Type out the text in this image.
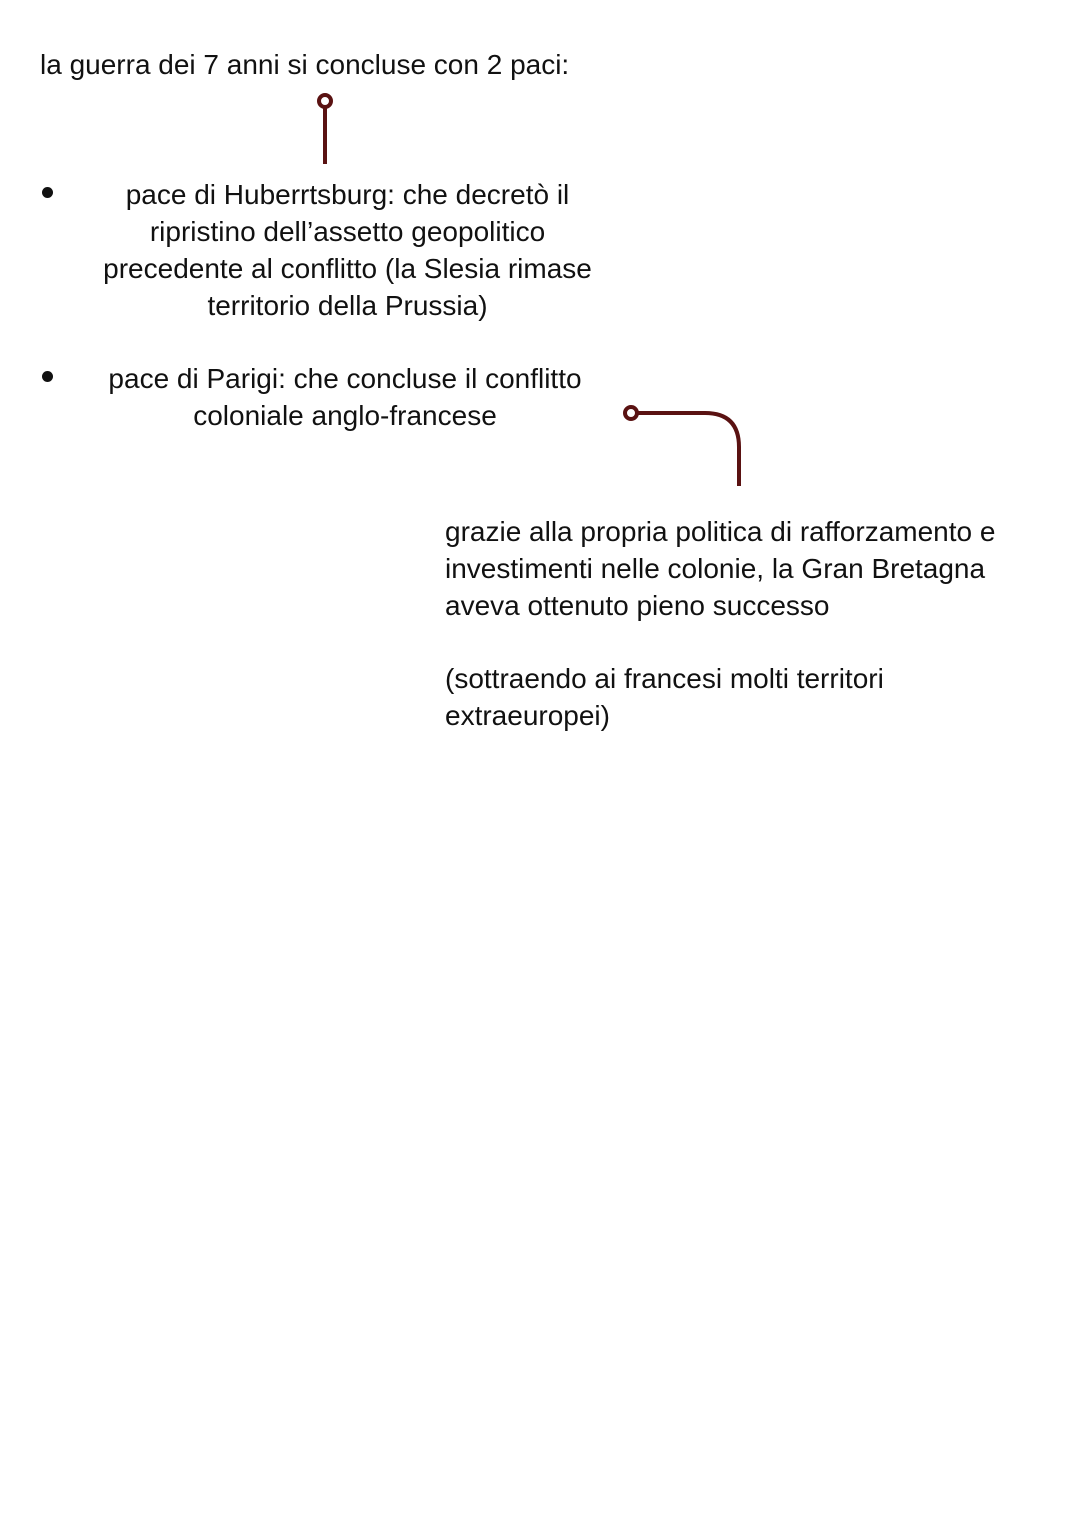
la guerra dei 7 anni si concluse con 2 paci:
pace di Huberrtsburg: che decretò il ripristino dell’assetto geopolitico precedente al conflitto (la Slesia rimase territorio della Prussia)
pace di Parigi: che concluse il conflitto coloniale anglo-francese
grazie alla propria politica di rafforzamento e investimenti nelle colonie, la Gran Bretagna aveva ottenuto pieno successo
(sottraendo ai francesi molti territori extraeuropei)
